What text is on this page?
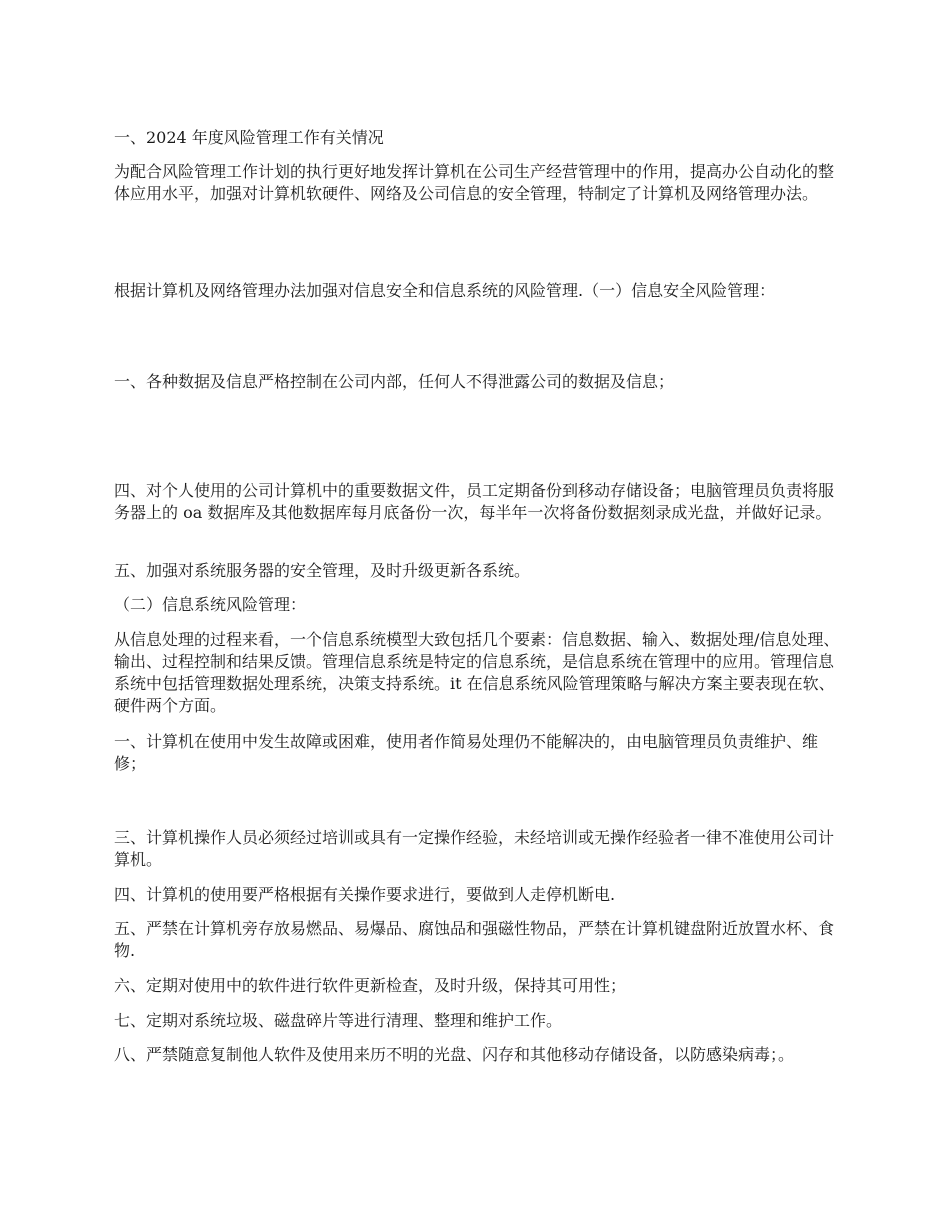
一、2024 年度风险管理工作有关情况

为配合风险管理工作计划的执行更好地发挥计算机在公司生产经营管理中的作用，提高办公自动化的整体应用水平，加强对计算机软硬件、网络及公司信息的安全管理，特制定了计算机及网络管理办法。

根据计算机及网络管理办法加强对信息安全和信息系统的风险管理.（一）信息安全风险管理：

一、各种数据及信息严格控制在公司内部，任何人不得泄露公司的数据及信息；

四、对个人使用的公司计算机中的重要数据文件，员工定期备份到移动存储设备；电脑管理员负责将服务器上的 oa 数据库及其他数据库每月底备份一次，每半年一次将备份数据刻录成光盘，并做好记录。

五、加强对系统服务器的安全管理，及时升级更新各系统。

（二）信息系统风险管理：

从信息处理的过程来看，一个信息系统模型大致包括几个要素：信息数据、输入、数据处理/信息处理、输出、过程控制和结果反馈。管理信息系统是特定的信息系统，是信息系统在管理中的应用。管理信息系统中包括管理数据处理系统，决策支持系统。it 在信息系统风险管理策略与解决方案主要表现在软、硬件两个方面。

一、计算机在使用中发生故障或困难，使用者作简易处理仍不能解决的，由电脑管理员负责维护、维修；

三、计算机操作人员必须经过培训或具有一定操作经验，未经培训或无操作经验者一律不准使用公司计算机。

四、计算机的使用要严格根据有关操作要求进行，要做到人走停机断电.

五、严禁在计算机旁存放易燃品、易爆品、腐蚀品和强磁性物品，严禁在计算机键盘附近放置水杯、食物.

六、定期对使用中的软件进行软件更新检查，及时升级，保持其可用性；

七、定期对系统垃圾、磁盘碎片等进行清理、整理和维护工作。

八、严禁随意复制他人软件及使用来历不明的光盘、闪存和其他移动存储设备，以防感染病毒；。
